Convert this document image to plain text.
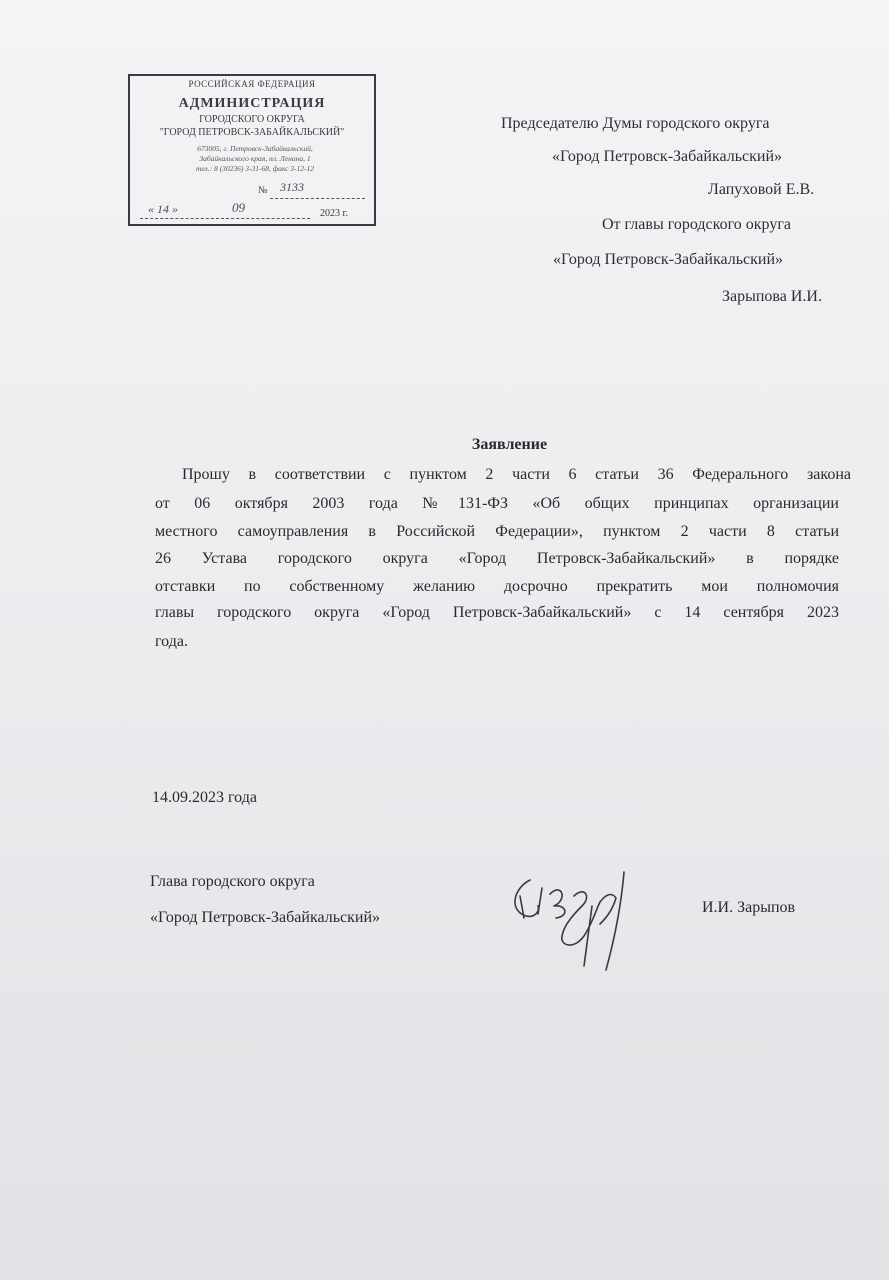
РОССИЙСКАЯ ФЕДЕРАЦИЯ
АДМИНИСТРАЦИЯ
ГОРОДСКОГО ОКРУГА
"ГОРОД ПЕТРОВСК-ЗАБАЙКАЛЬСКИЙ"
673005, г. Петровск-Забайкальский,
Забайкальского края, пл. Ленина, 1
тел.: 8 (30236) 3-31-68, факс 3-12-12
№ 3133
« 14 »	09	2023 г.
Председателю Думы городского округа
«Город Петровск-Забайкальский»
Лапуховой Е.В.
От главы городского округа
«Город Петровск-Забайкальский»
Зарыпова И.И.
Заявление
Прошу в соответствии с пунктом 2 части 6 статьи 36 Федерального закона
от 06 октября 2003 года №131-ФЗ «Об общих принципах организации
местного самоуправления в Российской Федерации», пунктом 2 части 8 статьи
26 Устава городского округа «Город Петровск-Забайкальский» в порядке
отставки по собственному желанию досрочно прекратить мои полномочия
главы городского округа «Город Петровск-Забайкальский» с 14 сентября 2023
года.
14.09.2023 года
Глава городского округа
«Город Петровск-Забайкальский»
И.И. Зарыпов
